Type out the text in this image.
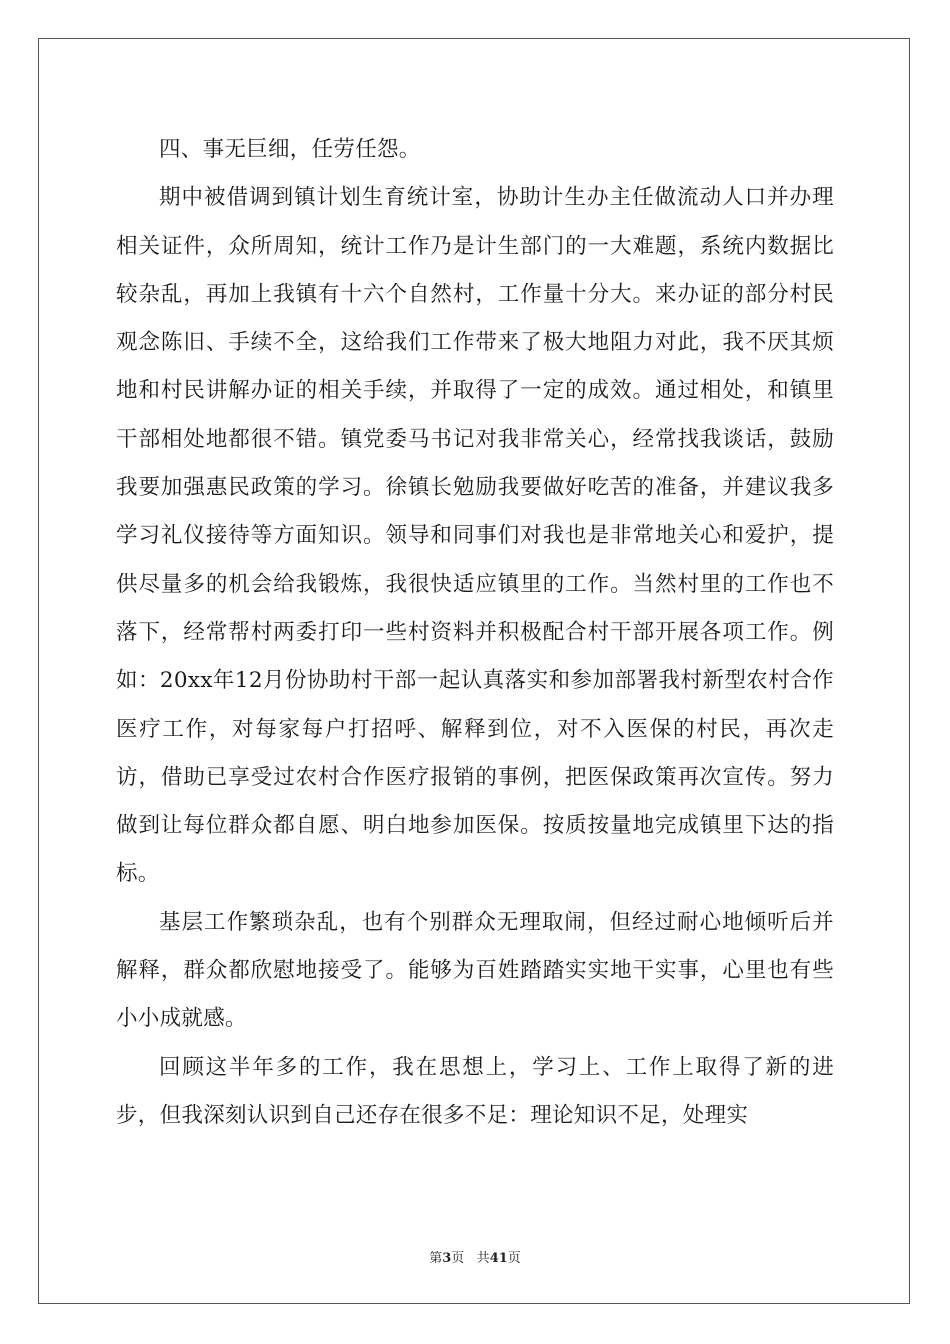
四、事无巨细，任劳任怨。

期中被借调到镇计划生育统计室，协助计生办主任做流动人口并办理相关证件，众所周知，统计工作乃是计生部门的一大难题，系统内数据比较杂乱，再加上我镇有十六个自然村，工作量十分大。来办证的部分村民观念陈旧、手续不全，这给我们工作带来了极大地阻力对此，我不厌其烦地和村民讲解办证的相关手续，并取得了一定的成效。通过相处，和镇里干部相处地都很不错。镇党委马书记对我非常关心，经常找我谈话，鼓励我要加强惠民政策的学习。徐镇长勉励我要做好吃苦的准备，并建议我多学习礼仪接待等方面知识。领导和同事们对我也是非常地关心和爱护，提供尽量多的机会给我锻炼，我很快适应镇里的工作。当然村里的工作也不落下，经常帮村两委打印一些村资料并积极配合村干部开展各项工作。例如：20xx年12月份协助村干部一起认真落实和参加部署我村新型农村合作医疗工作，对每家每户打招呼、解释到位，对不入医保的村民，再次走访，借助已享受过农村合作医疗报销的事例，把医保政策再次宣传。努力做到让每位群众都自愿、明白地参加医保。按质按量地完成镇里下达的指标。

基层工作繁琐杂乱，也有个别群众无理取闹，但经过耐心地倾听后并解释，群众都欣慰地接受了。能够为百姓踏踏实实地干实事，心里也有些小小成就感。

回顾这半年多的工作，我在思想上，学习上、工作上取得了新的进步，但我深刻认识到自己还存在很多不足：理论知识不足，处理实

第3页 共41页
